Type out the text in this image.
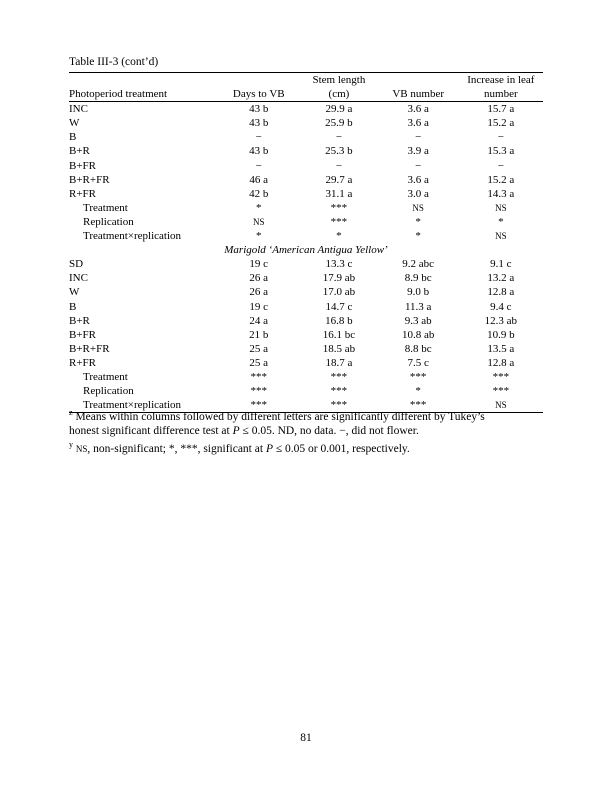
Table III-3 (cont’d)
		Stem length		Increase in leaf
Photoperiod treatment	Days to VB	(cm)	VB number	number
INC	43 b	29.9 a	3.6 a	15.7 a
W	43 b	25.9 b	3.6 a	15.2 a
B	−	−	−	−
B+R	43 b	25.3 b	3.9 a	15.3 a
B+FR	−	−	−	−
B+R+FR	46 a	29.7 a	3.6 a	15.2 a
R+FR	42 b	31.1 a	3.0 a	14.3 a
Treatment	*	***	NS	NS
Replication	NS	***	*	*
Treatment×replication	*	*	*	NS
Marigold ‘American Antigua Yellow’				
SD	19 c	13.3 c	9.2 abc	9.1 c
INC	26 a	17.9 ab	8.9 bc	13.2 a
W	26 a	17.0 ab	9.0 b	12.8 a
B	19 c	14.7 c	11.3 a	9.4 c
B+R	24 a	16.8 b	9.3 ab	12.3 ab
B+FR	21 b	16.1 bc	10.8 ab	10.9 b
B+R+FR	25 a	18.5 ab	8.8 bc	13.5 a
R+FR	25 a	18.7 a	7.5 c	12.8 a
Treatment	***	***	***	***
Replication	***	***	*	***
Treatment×replication	***	***	***	NS
$^z$ Means within columns followed by different letters are significantly different by Tukey’s
honest significant difference test at P ≤ 0.05. ND, no data. −, did not flower.
$^y$ NS, non-significant; *, ***, significant at P ≤ 0.05 or 0.001, respectively.
81
